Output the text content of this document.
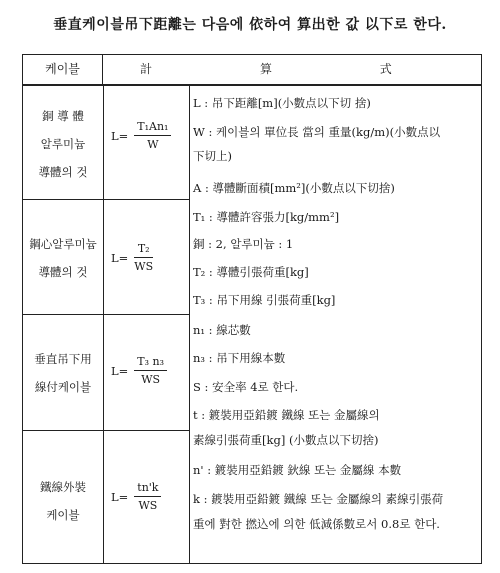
垂直케이블吊下距離는 다음에 依하여 算出한 값 以下로 한다.
케이블	計 算 式
銅 導 體
알루미늄
導體의 것
$L= \frac{\text{T₁An₁}}{W}$
鋼心알루미늄
導體의 것
$L= \frac{\text{T₂}}{WS}$
垂直吊下用
線付케이블
$L= \frac{\text{T₃ n₃}}{WS}$
鐵線外裝
케이블
$L= \frac{tn'k}{WS}$
L : 吊下距離[m](小數点以下切 捨)
W : 케이블의 單位長 當의 重量(kg/m)(小數点以
下切上)
A : 導體斷面積[mm²](小數点以下切捨)
T₁ : 導體許容張力[kg/mm²]
銅 : 2, 알루미늄 : 1
T₂ : 導體引張荷重[kg]
T₃ : 吊下用線 引張荷重[kg]
n₁ : 線芯數
n₃ : 吊下用線本數
S : 安全率 4로 한다.
t : 鍍裝用亞鉛鍍 鐵線 또는 金屬線의
素線引張荷重[kg] (小數点以下切捨)
n' : 鍍裝用亞鉛鍍 鈥線 또는 金屬線 本數
k : 鍍裝用亞鉛鍍 鐵線 또는 金屬線의 素線引張荷
重에 對한 撚込에 의한 低減係數로서 0.8로 한다.
